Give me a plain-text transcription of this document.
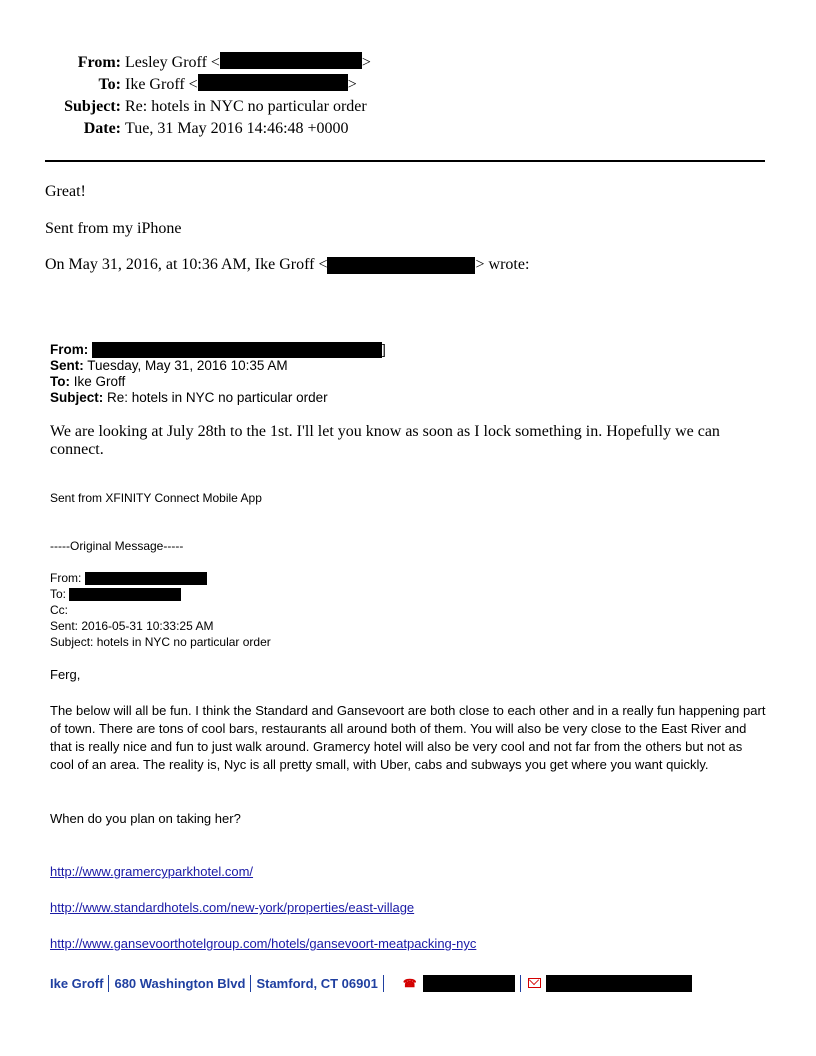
From: Lesley Groff <	>
To: Ike Groff <	>
Subject: Re: hotels in NYC no particular order
Date: Tue, 31 May 2016 14:46:48 +0000
Great!
Sent from my iPhone
On May 31, 2016, at 10:36 AM, Ike Groff <	> wrote:
From:	]
Sent: Tuesday, May 31, 2016 10:35 AM
To: Ike Groff
Subject: Re: hotels in NYC no particular order
We are looking at July 28th to the 1st. I'll let you know as soon as I lock something in. Hopefully we can connect.
Sent from XFINITY Connect Mobile App
-----Original Message-----
From:
To:
Cc:
Sent: 2016-05-31 10:33:25 AM
Subject: hotels in NYC no particular order
Ferg,
The below will all be fun. I think the Standard and Gansevoort are both close to each other and in a really fun happening part of town. There are tons of cool bars, restaurants all around both of them. You will also be very close to the East River and that is really nice and fun to just walk around. Gramercy hotel will also be very cool and not far from the others but not as cool of an area. The reality is, Nyc is all pretty small, with Uber, cabs and subways you get where you want quickly.
When do you plan on taking her?
http://www.gramercyparkhotel.com/
http://www.standardhotels.com/new-york/properties/east-village
http://www.gansevoorthotelgroup.com/hotels/gansevoort-meatpacking-nyc
Ike Groff 680 Washington Blvd Stamford, CT 06901 ☎
